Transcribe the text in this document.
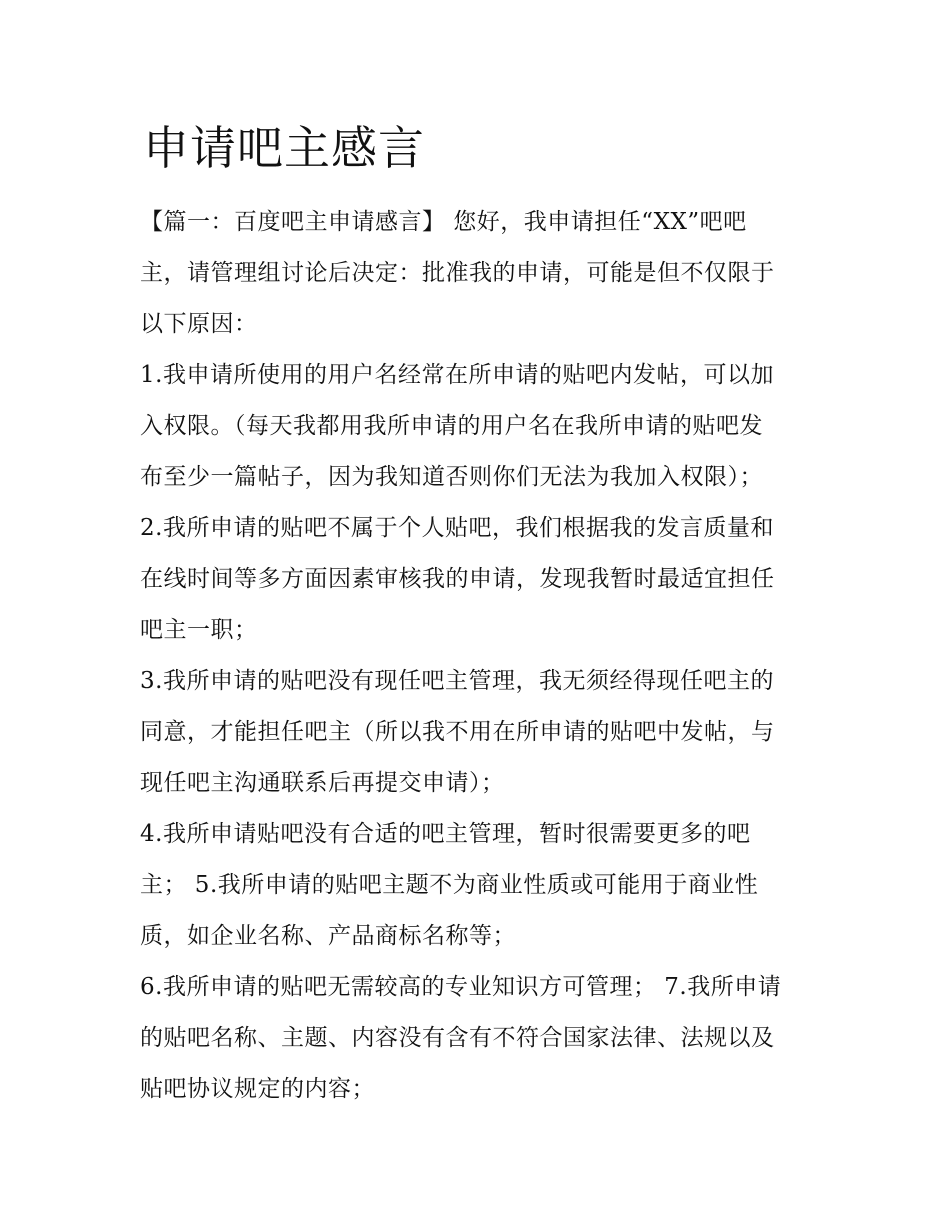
申请吧主感言
【篇一：百度吧主申请感言】 您好，我申请担任“XX”吧吧
主，请管理组讨论后决定：批准我的申请，可能是但不仅限于
以下原因：
1.我申请所使用的用户名经常在所申请的贴吧内发帖，可以加
入权限。（每天我都用我所申请的用户名在我所申请的贴吧发
布至少一篇帖子，因为我知道否则你们无法为我加入权限）；
2.我所申请的贴吧不属于个人贴吧，我们根据我的发言质量和
在线时间等多方面因素审核我的申请，发现我暂时最适宜担任
吧主一职；
3.我所申请的贴吧没有现任吧主管理，我无须经得现任吧主的
同意，才能担任吧主（所以我不用在所申请的贴吧中发帖，与
现任吧主沟通联系后再提交申请）；
4.我所申请贴吧没有合适的吧主管理，暂时很需要更多的吧
主； 5.我所申请的贴吧主题不为商业性质或可能用于商业性
质，如企业名称、产品商标名称等；
6.我所申请的贴吧无需较高的专业知识方可管理； 7.我所申请
的贴吧名称、主题、内容没有含有不符合国家法律、法规以及
贴吧协议规定的内容；
